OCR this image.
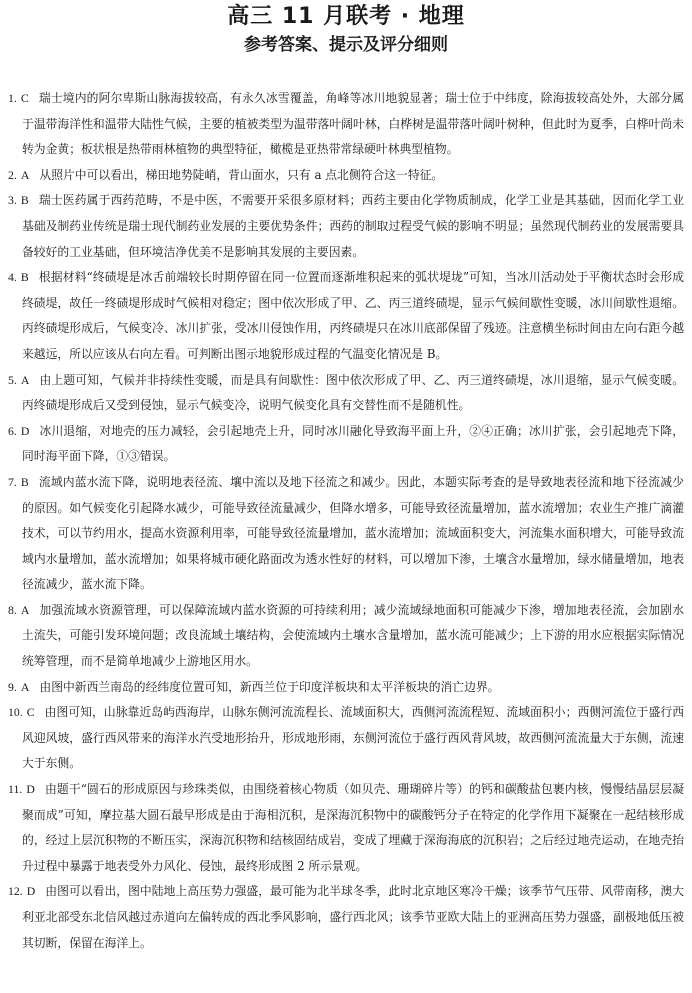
高三 11 月联考 · 地理
参考答案、提示及评分细则
1. C 瑞士境内的阿尔卑斯山脉海拔较高，有永久冰雪覆盖，角峰等冰川地貌显著；瑞士位于中纬度，除海拔较高处外，大部分属于温带海洋性和温带大陆性气候，主要的植被类型为温带落叶阔叶林，白桦树是温带落叶阔叶树种，但此时为夏季，白桦叶尚未转为金黄；板状根是热带雨林植物的典型特征，橄榄是亚热带常绿硬叶林典型植物。
2. A 从照片中可以看出，梯田地势陡峭，背山面水，只有 a 点北侧符合这一特征。
3. B 瑞士医药属于西药范畴，不是中医，不需要开采很多原材料；西药主要由化学物质制成，化学工业是其基础，因而化学工业基础及制药业传统是瑞士现代制药业发展的主要优势条件；西药的制取过程受气候的影响不明显；虽然现代制药业的发展需要具备较好的工业基础，但环境洁净优美不是影响其发展的主要因素。
4. B 根据材料“终碛堤是冰舌前端较长时期停留在同一位置而逐渐堆积起来的弧状堤垅”可知，当冰川活动处于平衡状态时会形成终碛堤，故任一终碛堤形成时气候相对稳定；图中依次形成了甲、乙、丙三道终碛堤，显示气候间歇性变暖，冰川间歇性退缩。丙终碛堤形成后，气候变冷、冰川扩张，受冰川侵蚀作用，丙终碛堤只在冰川底部保留了残迹。注意横坐标时间由左向右距今越来越远，所以应该从右向左看。可判断出图示地貌形成过程的气温变化情况是 B。
5. A 由上题可知，气候并非持续性变暖，而是具有间歇性：图中依次形成了甲、乙、丙三道终碛堤，冰川退缩，显示气候变暖。丙终碛堤形成后又受到侵蚀，显示气候变冷，说明气候变化具有交替性而不是随机性。
6. D 冰川退缩，对地壳的压力减轻，会引起地壳上升，同时冰川融化导致海平面上升，②④正确；冰川扩张，会引起地壳下降，同时海平面下降，①③错误。
7. B 流域内蓝水流下降，说明地表径流、壤中流以及地下径流之和减少。因此，本题实际考查的是导致地表径流和地下径流减少的原因。如气候变化引起降水减少，可能导致径流量减少，但降水增多，可能导致径流量增加，蓝水流增加；农业生产推广滴灌技术，可以节约用水，提高水资源利用率，可能导致径流量增加，蓝水流增加；流域面积变大，河流集水面积增大，可能导致流域内水量增加，蓝水流增加；如果将城市硬化路面改为透水性好的材料，可以增加下渗，土壤含水量增加，绿水储量增加，地表径流减少，蓝水流下降。
8. A 加强流域水资源管理，可以保障流域内蓝水资源的可持续利用；减少流域绿地面积可能减少下渗，增加地表径流，会加剧水土流失，可能引发环境问题；改良流域土壤结构，会使流域内土壤水含量增加，蓝水流可能减少；上下游的用水应根据实际情况统筹管理，而不是简单地减少上游地区用水。
9. A 由图中新西兰南岛的经纬度位置可知，新西兰位于印度洋板块和太平洋板块的消亡边界。
10. C 由图可知，山脉靠近岛屿西海岸，山脉东侧河流流程长、流域面积大，西侧河流流程短、流域面积小；西侧河流位于盛行西风迎风坡，盛行西风带来的海洋水汽受地形抬升，形成地形雨，东侧河流位于盛行西风背风坡，故西侧河流流量大于东侧，流速大于东侧。
11. D 由题干“圆石的形成原因与珍珠类似，由围绕着核心物质（如贝壳、珊瑚碎片等）的钙和碳酸盐包裹内核，慢慢结晶层层凝聚而成”可知，摩拉基大圆石最早形成是由于海相沉积，是深海沉积物中的碳酸钙分子在特定的化学作用下凝聚在一起结核形成的，经过上层沉积物的不断压实，深海沉积物和结核固结成岩，变成了埋藏于深海海底的沉积岩；之后经过地壳运动，在地壳抬升过程中暴露于地表受外力风化、侵蚀，最终形成图 2 所示景观。
12. D 由图可以看出，图中陆地上高压势力强盛，最可能为北半球冬季，此时北京地区寒冷干燥；该季节气压带、风带南移，澳大利亚北部受东北信风越过赤道向左偏转成的西北季风影响，盛行西北风；该季节亚欧大陆上的亚洲高压势力强盛，副极地低压被其切断，保留在海洋上。
